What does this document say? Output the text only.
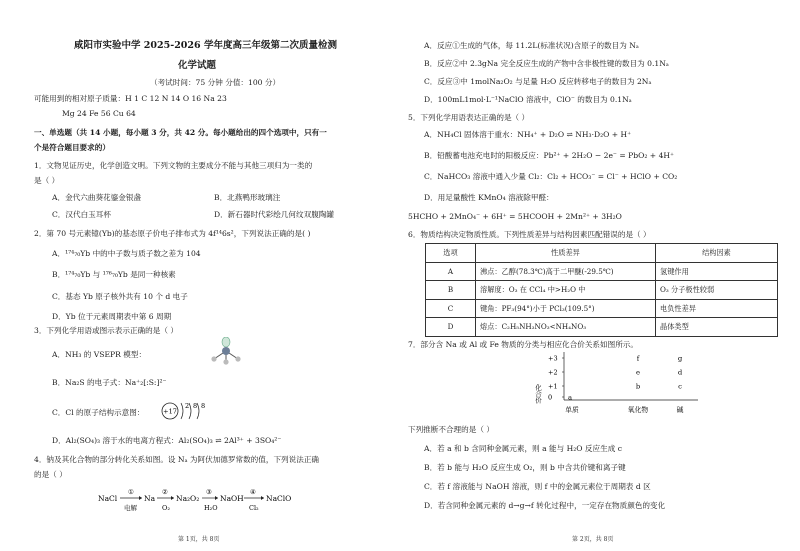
咸阳市实验中学 2025-2026 学年度高三年级第二次质量检测
化学试题
（考试时间：75 分钟 分值：100 分）
可能用到的相对原子质量：H 1 C 12 N 14 O 16 Na 23
Mg 24 Fe 56 Cu 64
一、单选题（共 14 小题，每小题 3 分，共 42 分。每小题给出的四个选项中，只有一
个是符合题目要求的）
1．文物见证历史，化学创造文明。下列文物的主要成分不能与其他三项归为一类的
是（ ）
A．金代六曲葵花鎏金银盏	B．北燕鸭形玻璃注
C．汉代白玉耳杯	D．新石器时代彩绘几何纹双腹陶罐
2．第 70 号元素镱(Yb)的基态原子价电子排布式为 4f¹⁴6s²，下列说法正确的是( )
A．¹⁷⁴₇₀Yb 中的中子数与质子数之差为 104
B．¹⁷⁴₇₀Yb 与 ¹⁷⁶₇₀Yb 是同一种核素
C．基态 Yb 原子核外共有 10 个 d 电子
D．Yb 位于元素周期表中第 6 周期
3．下列化学用语或图示表示正确的是（ ）
A．NH₃ 的 VSEPR 模型：
B．Na₂S 的电子式：Na⁺₂[:S:]²⁻
C．Cl 的原子结构示意图：	+17
2 8 8
D．Al₂(SO₄)₃ 溶于水的电离方程式：Al₂(SO₄)₃ ⇌ 2Al³⁺ + 3SO₄²⁻
4．钠及其化合物的部分转化关系如图。设 Nₐ 为阿伏加德罗常数的值，下列说法正确
的是（ ）
NaCl	Na	Na₂O₂	NaOH	NaClO
①	②	③	④
电解	O₂	H₂O	Cl₂
第 1页，共 8页
A．反应①生成的气体，每 11.2L(标准状况)含原子的数目为 Nₐ
B．反应②中 2.3gNa 完全反应生成的产物中含非极性键的数目为 0.1Nₐ
C．反应③中 1molNa₂O₂ 与足量 H₂O 反应转移电子的数目为 2Nₐ
D．100mL1mol·L⁻¹NaClO 溶液中，ClO⁻ 的数目为 0.1Nₐ
5．下列化学用语表达正确的是（ ）
A．NH₄Cl 固体溶于重水：NH₄⁺ + D₂O ⇌ NH₃·D₂O + H⁺
B．铅酸蓄电池充电时的阳极反应：Pb²⁺ + 2H₂O − 2e⁻ = PbO₂ + 4H⁺
C．NaHCO₃ 溶液中通入少量 Cl₂：Cl₂ + HCO₃⁻ = Cl⁻ + HClO + CO₂
D．用足量酸性 KMnO₄ 溶液除甲醛：
5HCHO + 2MnO₄⁻ + 6H⁺ = 5HCOOH + 2Mn²⁺ + 3H₂O
6．物质结构决定物质性质。下列性质差异与结构因素匹配错误的是（ ）
选项	性质差异	结构因素
A	沸点：乙醇(78.3℃)高于二甲醚(-29.5℃)	氢键作用
B	溶解度：O₃ 在 CCl₄ 中>H₂O 中	O₃ 分子极性较弱
C	键角：PF₃(94°)小于 PCl₃(109.5°)	电负性差异
D	熔点：C₂H₅NH₃NO₃<NH₄NO₃	晶体类型
7．部分含 Na 或 Al 或 Fe 物质的分类与相应化合价关系如图所示。
化合价
+3
+2
+1
0 a
b	c
e	d
f	g
单质	氧化物	碱
下列推断不合理的是（ ）
A．若 a 和 b 含同种金属元素，则 a 能与 H₂O 反应生成 c
B．若 b 能与 H₂O 反应生成 O₂，则 b 中含共价键和离子键
C．若 f 溶液能与 NaOH 溶液，则 f 中的金属元素位于周期表 d 区
D．若含同种金属元素的 d→g→f 转化过程中，一定存在物质颜色的变化
第 2页，共 8页
